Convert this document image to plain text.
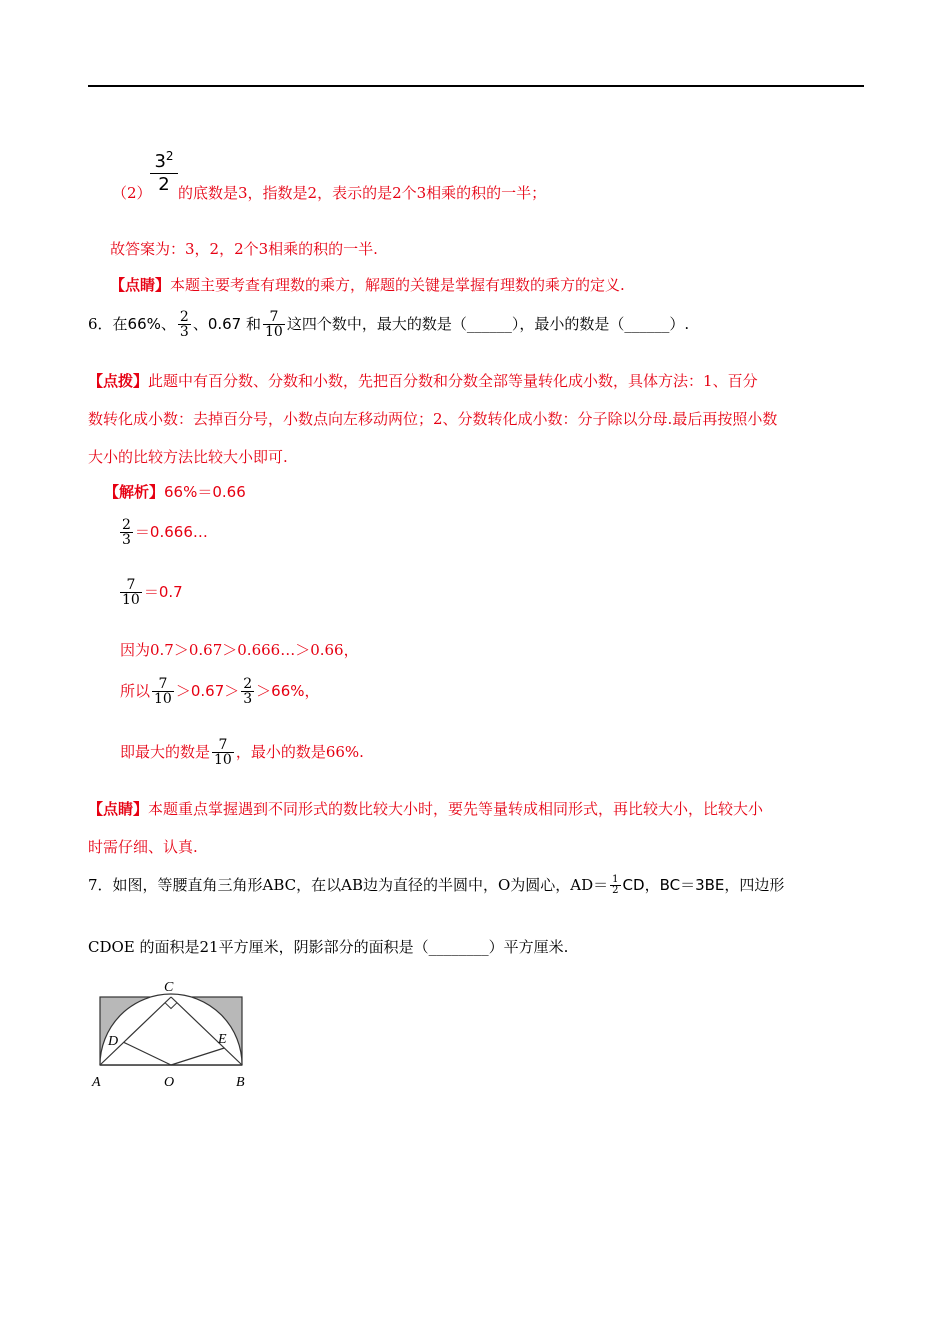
（2）
$3^2$
2 的底数是3，指数是2，表示的是2个3相乘的积的一半；
故答案为：3，2，2个3相乘的积的一半.
【点睛】本题主要考查有理数的乘方，解题的关键是掌握有理数的乘方的定义.
6．在66%、 $\frac{2}{3}$ 、0.67 和 $\frac{7}{10}$ 这四个数中，最大的数是（______），最小的数是（______）.
【点拨】此题中有百分数、分数和小数，先把百分数和分数全部等量转化成小数，具体方法：1、百分
数转化成小数：去掉百分号，小数点向左移动两位；2、分数转化成小数：分子除以分母.最后再按照小数
大小的比较方法比较大小即可.
【解析】66%＝0.66
$\frac{2}{3}$ ＝0.666…
$\frac{7}{10} =0.7$
因为0.7＞0.67＞0.666…＞0.66，
所以 $\frac{7}{10} >0.67> \frac{2}{3} >66\%$，
即最大的数是 $\frac{7}{10}$ ，最小的数是66%.
【点睛】本题重点掌握遇到不同形式的数比较大小时，要先等量转成相同形式，再比较大小，比较大小
时需仔细、认真.
7．如图，等腰直角三角形ABC，在以AB边为直径的半圆中，O为圆心，$AD= \frac{1}{2}$ CD，BC＝3BE，四边形
CDOE 的面积是21平方厘米，阴影部分的面积是（________）平方厘米.
C
D	E
A	O	B
